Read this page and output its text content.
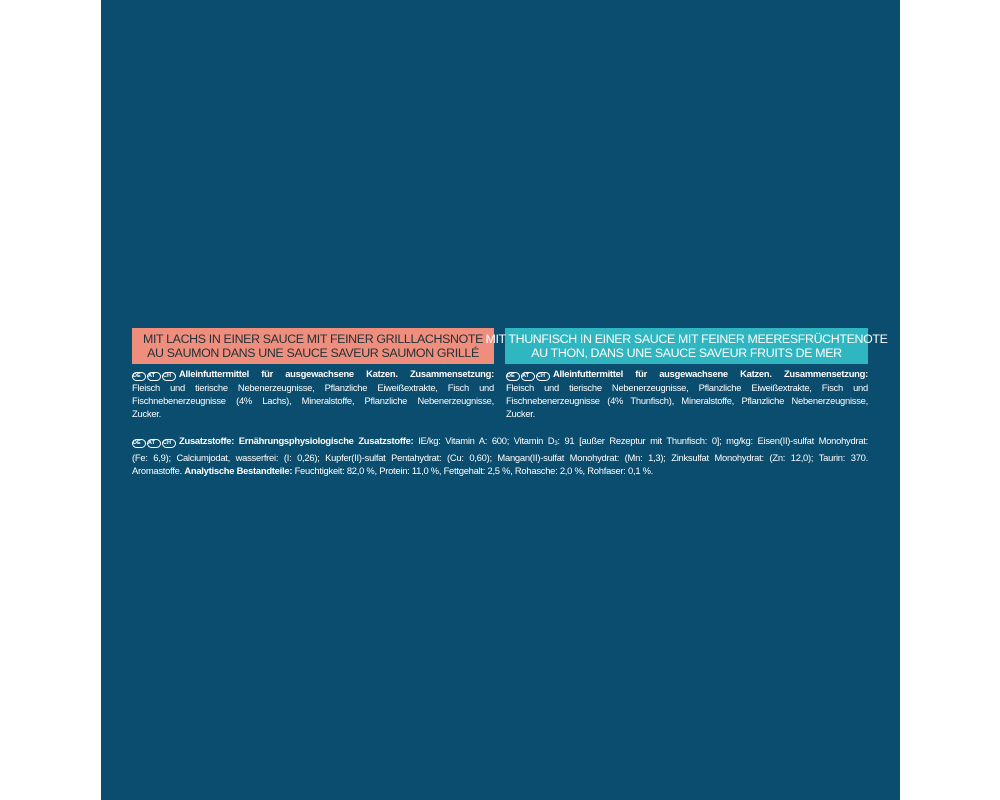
MIT LACHS IN EINER SAUCE MIT FEINER GRILLLACHSNOTE
AU SAUMON DANS UNE SAUCE SAVEUR SAUMON GRILLÉ
MIT THUNFISCH IN EINER SAUCE MIT FEINER MEERESFRÜCHTENOTE
AU THON, DANS UNE SAUCE SAVEUR FRUITS DE MER
DE	AT	CH Alleinfuttermittel für ausgewachsene Katzen. Zusammensetzung:
Fleisch und tierische Nebenerzeugnisse, Pflanzliche Eiweißextrakte, Fisch und
Fischnebenerzeugnisse (4% Lachs), Mineralstoffe, Pflanzliche Nebenerzeugnisse,
Zucker.
DE	AT	CH Alleinfuttermittel für ausgewachsene Katzen. Zusammensetzung:
Fleisch und tierische Nebenerzeugnisse, Pflanzliche Eiweißextrakte, Fisch und
Fischnebenerzeugnisse (4% Thunfisch), Mineralstoffe, Pflanzliche Nebenerzeugnisse,
Zucker.
DE	AT	CH Zusatzstoffe: Ernährungsphysiologische Zusatzstoffe: IE/kg: Vitamin A: 600; Vitamin $D_3$: 91 [außer Rezeptur mit Thunfisch: 0]; mg/kg: Eisen(II)-sulfat Monohydrat:
(Fe: 6,9); Calciumjodat, wasserfrei: (I: 0,26); Kupfer(II)-sulfat Pentahydrat: (Cu: 0,60); Mangan(II)-sulfat Monohydrat: (Mn: 1,3); Zinksulfat Monohydrat: (Zn: 12,0); Taurin: 370.
Aromastoffe. Analytische Bestandteile: Feuchtigkeit: 82,0 %, Protein: 11,0 %, Fettgehalt: 2,5 %, Rohasche: 2,0 %, Rohfaser: 0,1 %.
